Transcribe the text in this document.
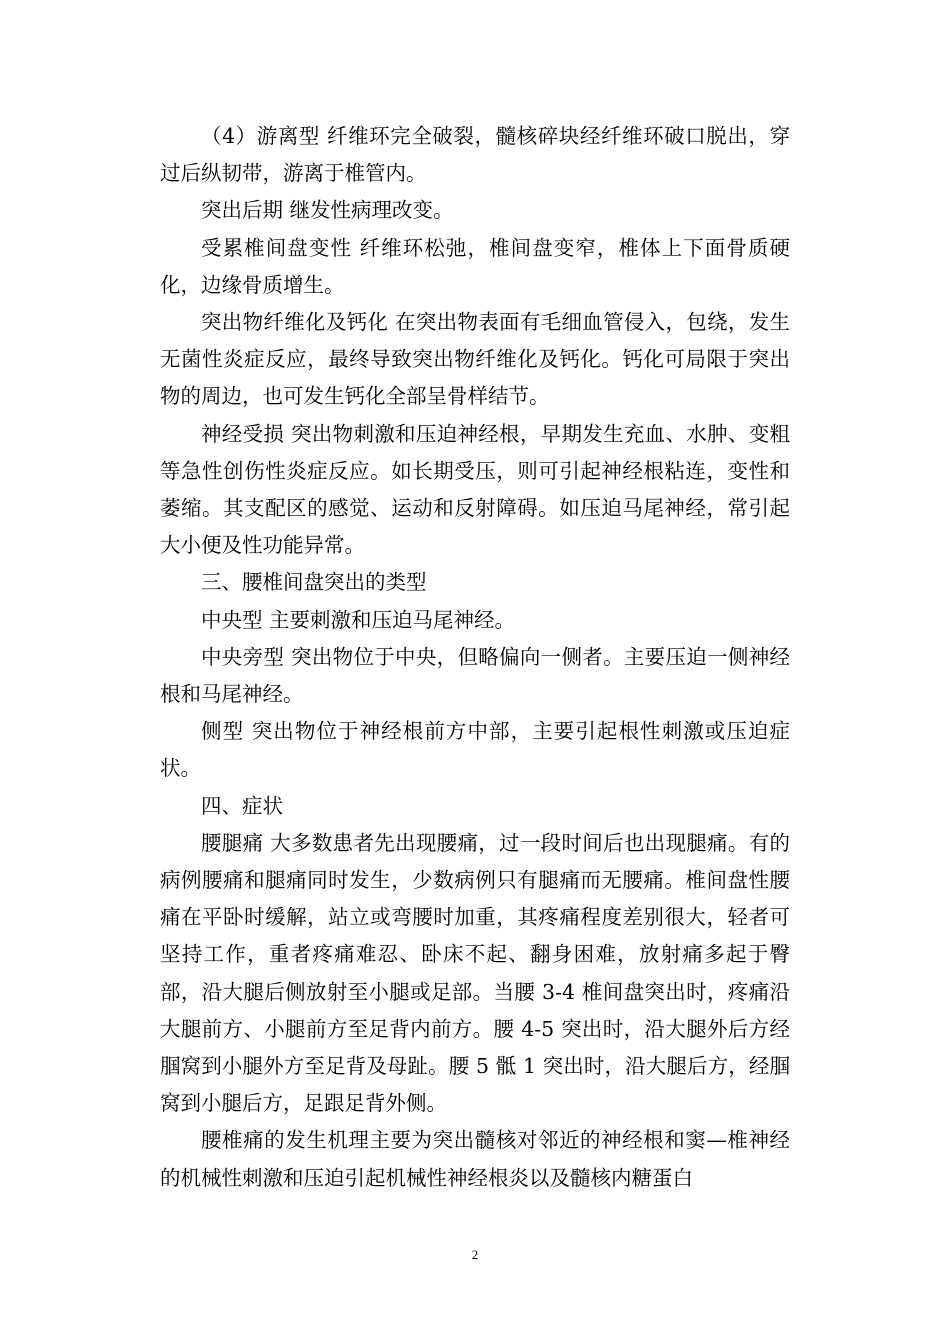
（4）游离型 纤维环完全破裂，髓核碎块经纤维环破口脱出，穿过后纵韧带，游离于椎管内。

突出后期 继发性病理改变。

受累椎间盘变性 纤维环松弛，椎间盘变窄，椎体上下面骨质硬化，边缘骨质增生。

突出物纤维化及钙化 在突出物表面有毛细血管侵入，包绕，发生无菌性炎症反应，最终导致突出物纤维化及钙化。钙化可局限于突出物的周边，也可发生钙化全部呈骨样结节。

神经受损 突出物刺激和压迫神经根，早期发生充血、水肿、变粗等急性创伤性炎症反应。如长期受压，则可引起神经根粘连，变性和萎缩。其支配区的感觉、运动和反射障碍。如压迫马尾神经，常引起大小便及性功能异常。

三、腰椎间盘突出的类型

中央型 主要刺激和压迫马尾神经。

中央旁型 突出物位于中央，但略偏向一侧者。主要压迫一侧神经根和马尾神经。

侧型 突出物位于神经根前方中部，主要引起根性刺激或压迫症状。

四、症状

腰腿痛 大多数患者先出现腰痛，过一段时间后也出现腿痛。有的病例腰痛和腿痛同时发生，少数病例只有腿痛而无腰痛。椎间盘性腰痛在平卧时缓解，站立或弯腰时加重，其疼痛程度差别很大，轻者可坚持工作，重者疼痛难忍、卧床不起、翻身困难，放射痛多起于臀部，沿大腿后侧放射至小腿或足部。当腰 3-4 椎间盘突出时，疼痛沿大腿前方、小腿前方至足背内前方。腰 4-5 突出时，沿大腿外后方经腘窝到小腿外方至足背及母趾。腰 5 骶 1 突出时，沿大腿后方，经腘窝到小腿后方，足跟足背外侧。

腰椎痛的发生机理主要为突出髓核对邻近的神经根和窦—椎神经的机械性刺激和压迫引起机械性神经根炎以及髓核内糖蛋白

2
